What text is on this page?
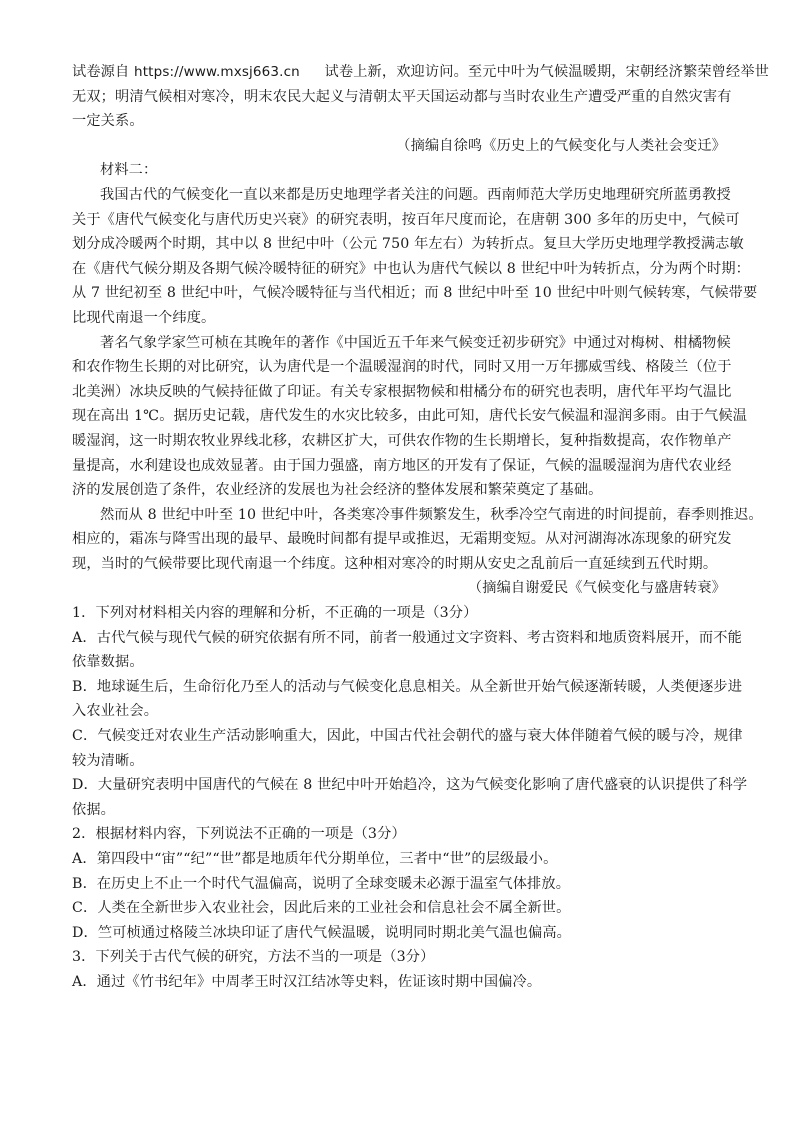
试卷源自 https://www.mxsj663.cn 试卷上新，欢迎访问。至元中叶为气候温暖期，宋朝经济繁荣曾经举世
无双；明清气候相对寒冷，明末农民大起义与清朝太平天国运动都与当时农业生产遭受严重的自然灾害有
一定关系。
（摘编自徐鸣《历史上的气候变化与人类社会变迁》
材料二：
我国古代的气候变化一直以来都是历史地理学者关注的问题。西南师范大学历史地理研究所蓝勇教授
关于《唐代气候变化与唐代历史兴衰》的研究表明，按百年尺度而论，在唐朝 300 多年的历史中，气候可
划分成冷暖两个时期，其中以 8 世纪中叶（公元 750 年左右）为转折点。复旦大学历史地理学教授满志敏
在《唐代气候分期及各期气候冷暖特征的研究》中也认为唐代气候以 8 世纪中叶为转折点，分为两个时期：
从 7 世纪初至 8 世纪中叶，气候冷暖特征与当代相近；而 8 世纪中叶至 10 世纪中叶则气候转寒，气候带要
比现代南退一个纬度。
著名气象学家竺可桢在其晚年的著作《中国近五千年来气候变迁初步研究》中通过对梅树、柑橘物候
和农作物生长期的对比研究，认为唐代是一个温暖湿润的时代，同时又用一万年挪威雪线、格陵兰（位于
北美洲）冰块反映的气候持征做了印证。有关专家根据物候和柑橘分布的研究也表明，唐代年平均气温比
现在高出 1℃。据历史记载，唐代发生的水灾比较多，由此可知，唐代长安气候温和湿润多雨。由于气候温
暖湿润，这一时期农牧业界线北移，农耕区扩大，可供农作物的生长期增长，复种指数提高，农作物单产
量提高，水利建设也成效显著。由于国力强盛，南方地区的开发有了保证，气候的温暖湿润为唐代农业经
济的发展创造了条件，农业经济的发展也为社会经济的整体发展和繁荣奠定了基础。
然而从 8 世纪中叶至 10 世纪中叶，各类寒冷事件频繁发生，秋季冷空气南进的时间提前，春季则推迟。
相应的，霜冻与降雪出现的最早、最晚时间都有提早或推迟，无霜期变短。从对河湖海冰冻现象的研究发
现，当时的气候带要比现代南退一个纬度。这种相对寒冷的时期从安史之乱前后一直延续到五代时期。
（摘编自谢爱民《气候变化与盛唐转衰》
1．下列对材料相关内容的理解和分析，不正确的一项是（3分）
A．古代气候与现代气候的研究依据有所不同，前者一般通过文字资料、考古资料和地质资料展开，而不能
依靠数据。
B．地球诞生后，生命衍化乃至人的活动与气候变化息息相关。从全新世开始气候逐渐转暖，人类便逐步进
入农业社会。
C．气候变迁对农业生产活动影响重大，因此，中国古代社会朝代的盛与衰大体伴随着气候的暖与冷，规律
较为清晰。
D．大量研究表明中国唐代的气候在 8 世纪中叶开始趋冷，这为气候变化影响了唐代盛衰的认识提供了科学
依据。
2．根据材料内容，下列说法不正确的一项是（3分）
A．第四段中“宙”“纪”“世”都是地质年代分期单位，三者中“世”的层级最小。
B．在历史上不止一个时代气温偏高，说明了全球变暖未必源于温室气体排放。
C．人类在全新世步入农业社会，因此后来的工业社会和信息社会不属全新世。
D．竺可桢通过格陵兰冰块印证了唐代气候温暖，说明同时期北美气温也偏高。
3．下列关于古代气候的研究，方法不当的一项是（3分）
A．通过《竹书纪年》中周孝王时汉江结冰等史料，佐证该时期中国偏冷。
